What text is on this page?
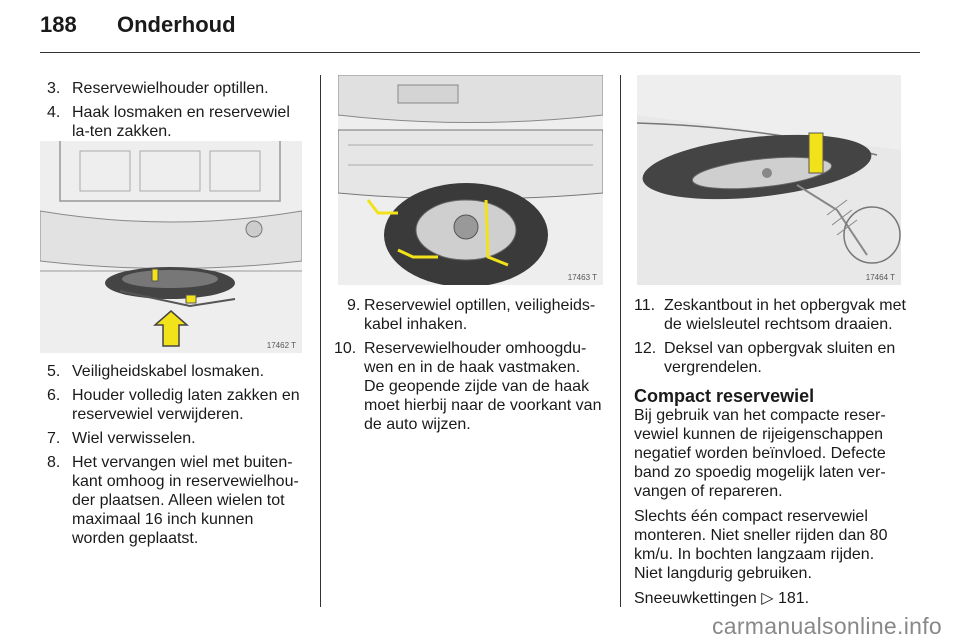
188 Onderhoud
3. Reservewielhouder optillen.
4. Haak losmaken en reservewiel la-ten zakken.
17462 T
5. Veiligheidskabel losmaken.
6. Houder volledig laten zakken en reservewiel verwijderen.
7. Wiel verwisselen.
8. Het vervangen wiel met buiten-kant omhoog in reservewielhou-der plaatsen. Alleen wielen tot maximaal 16 inch kunnen worden geplaatst.
17463 T
9. Reservewiel optillen, veiligheids-kabel inhaken.
10. Reservewielhouder omhoogdu-wen en in de haak vastmaken. De geopende zijde van de haak moet hierbij naar de voorkant van de auto wijzen.
17464 T
11. Zeskantbout in het opbergvak met de wielsleutel rechtsom draaien.
12. Deksel van opbergvak sluiten en vergrendelen.
Compact reservewiel

Bij gebruik van het compacte reser-vewiel kunnen de rijeigenschappen negatief worden beïnvloed. Defecte band zo spoedig mogelijk laten ver-vangen of repareren.

Slechts één compact reservewiel monteren. Niet sneller rijden dan 80 km/u. In bochten langzaam rijden. Niet langdurig gebruiken.

Sneeuwkettingen ▷ 181.

carmanualsonline.info
